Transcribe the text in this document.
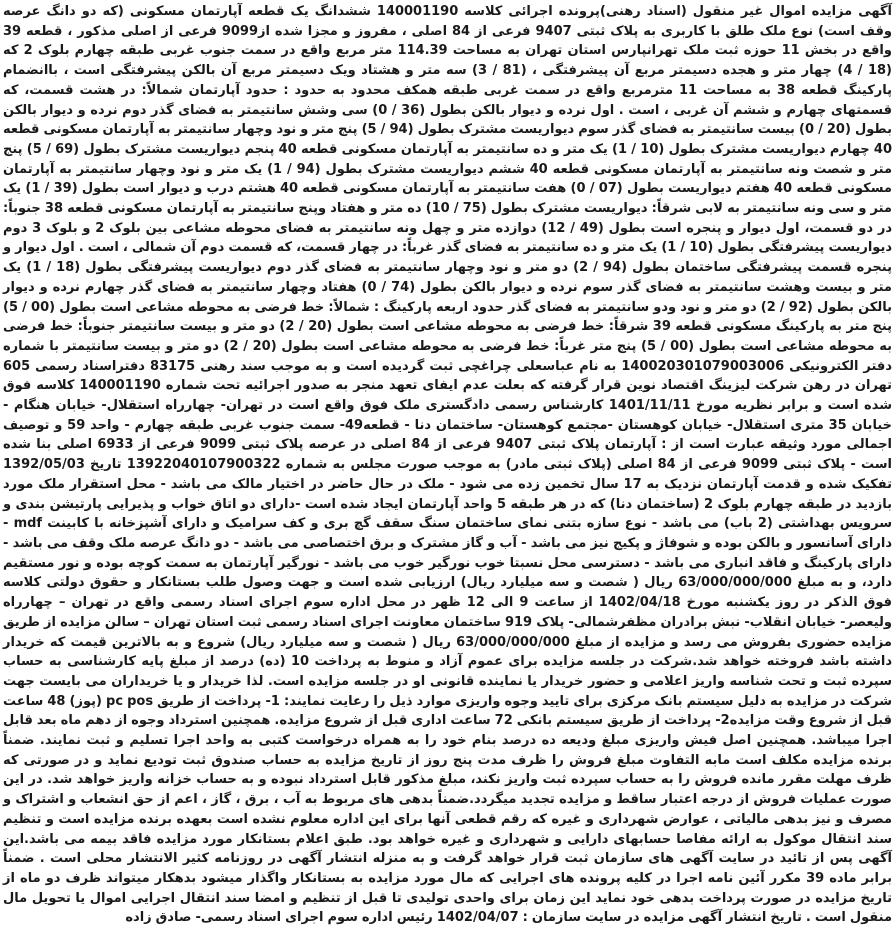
آگهی مزایده اموال غیر منقول (اسناد رهنی)پرونده اجرائی کلاسه 140001190 ششدانگ یک قطعه آپارتمان مسکونی (که دو دانگ عرصه وقف است) نوع ملک طلق با کاربری به پلاک ثبتی 9407 فرعی از 84 اصلی ، مفروز و مجزا شده از9099 فرعی از اصلی مذکور ، قطعه 39 واقع در بخش 11 حوزه ثبت ملک تهرانپارس استان تهران به مساحت 114.39 متر مربع واقع در سمت جنوب غربی طبقه چهارم بلوک 2 که (18 / 4) چهار متر و هجده دسیمتر مربع آن پیشرفتگی ، (81 / 3) سه متر و هشتاد ویک دسیمتر مربع آن بالکن پیشرفتگی است ، باانضمام پارکینگ قطعه 38 به مساحت 11 مترمربع واقع در سمت غربی طبقه همکف محدود به حدود : حدود آپارتمان شمالاً: در هشت قسمت، که قسمتهای چهارم و ششم آن غربی ، است . اول نرده و دیوار بالکن بطول (36 / 0) سی وشش سانتیمتر به فضای گذر دوم نرده و دیوار بالکن بطول (20 / 0) بیست سانتیمتر به فضای گذر سوم دیواریست مشترک بطول (94 / 5) پنج متر و نود وچهار سانتیمتر به آپارتمان مسکونی قطعه 40 چهارم دیواریست مشترک بطول (10 / 1) یک متر و ده سانتیمتر به آپارتمان مسکونی قطعه 40 پنجم دیواریست مشترک بطول (69 / 5) پنج متر و شصت ونه سانتیمتر به آپارتمان مسکونی قطعه 40 ششم دیواریست مشترک بطول (94 / 1) یک متر و نود وچهار سانتیمتر به آپارتمان مسکونی قطعه 40 هفتم دیواریست بطول (07 / 0) هفت سانتیمتر به آپارتمان مسکونی قطعه 40 هشتم درب و دیوار است بطول (39 / 1) یک متر و سی ونه سانتیمتر به لابی شرقاً: دیواریست مشترک بطول (75 / 10) ده متر و هفتاد وپنج سانتیمتر به آپارتمان مسکونی قطعه 38 جنوباً: در دو قسمت، اول دیوار و پنجره است بطول (49 / 12) دوازده متر و چهل ونه سانتیمتر به فضای محوطه مشاعی بین بلوک 2 و بلوک 3 دوم دیواریست پیشرفتگی بطول (10 / 1) یک متر و ده سانتیمتر به فضای گذر غرباً: در چهار قسمت، که قسمت دوم آن شمالی ، است . اول دیوار و پنجره قسمت پیشرفتگی ساختمان بطول (94 / 2) دو متر و نود وچهار سانتیمتر به فضای گذر دوم دیواریست پیشرفتگی بطول (18 / 1) یک متر و بیست وهشت سانتیمتر به فضای گذر سوم نرده و دیوار بالکن بطول (74 / 0) هفتاد وچهار سانتیمتر به فضای گذر چهارم نرده و دیوار بالکن بطول (92 / 2) دو متر و نود ودو سانتیمتر به فضای گذر حدود اربعه پارکینگ : شمالاً: خط فرضی به محوطه مشاعی است بطول (00 / 5) پنج متر به پارکینگ مسکونی قطعه 39 شرقاً: خط فرضی به محوطه مشاعی است بطول (20 / 2) دو متر و بیست سانتیمتر جنوباً: خط فرضی به محوطه مشاعی است بطول (00 / 5) پنج متر غرباً: خط فرضی به محوطه مشاعی است بطول (20 / 2) دو متر و بیست سانتیمتر با شماره دفتر الکترونیکی 140020301079003006 به نام عباسعلی چراغچی ثبت گردیده است و به موجب سند رهنی 83175 دفتراسناد رسمی 605 تهران در رهن شرکت لیزینگ اقتصاد نوین قرار گرفته که بعلت عدم ایفای تعهد منجر به صدور اجرائیه تحت شماره 140001190 کلاسه فوق شده است و برابر نظریه مورخ 1401/11/11 کارشناس رسمی دادگستری ملک فوق واقع است در تهران- چهارراه استقلال- خیابان هنگام - خیابان 35 متری استقلال- خیابان کوهستان -مجتمع کوهستان- ساختمان دنا - قطعه49- سمت جنوب غربی طبقه چهارم - واحد 59 و توصیف اجمالی مورد وثیقه عبارت است از : آپارتمان پلاک ثبتی 9407 فرعی از 84 اصلی در عرصه پلاک ثبتی 9099 فرعی از 6933 اصلی بنا شده است - پلاک ثبتی 9099 فرعی از 84 اصلی (پلاک ثبتی مادر) به موجب صورت مجلس به شماره 13922040107900322 تاریخ 1392/05/03 تفکیک شده و قدمت آپارتمان نزدیک به 17 سال تخمین زده می شود - ملک در حال حاضر در اختیار مالک می باشد - محل استقرار ملک مورد بازدید در طبقه چهارم بلوک 2 (ساختمان دنا) که در هر طبقه 5 واحد آپارتمان ایجاد شده است -دارای دو اتاق خواب و پذیرایی پارتیشن بندی و سرویس بهداشتی (2 باب) می باشد - نوع سازه بتنی نمای ساختمان سنگ سقف گچ بری و کف سرامیک و دارای آشپزخانه با کابینت mdf - دارای آسانسور و بالکن بوده و شوفاژ و پکیج نیز می باشد - آب و گاز مشترک و برق اختصاصی می باشد - دو دانگ عرصه ملک وقف می باشد - دارای پارکینگ و فاقد انباری می باشد - دسترسی محل نسبتا خوب نورگیر خوب می باشد - نورگیر آپارتمان به سمت کوچه بوده و نور مستقیم دارد، و به مبلغ 63/000/000/000 ریال ( شصت و سه میلیارد ریال) ارزیابی شده است و جهت وصول طلب بستانکار و حقوق دولتی کلاسه فوق الذکر در روز یکشنبه مورخ 1402/04/18 از ساعت 9 الی 12 ظهر در محل اداره سوم اجرای اسناد رسمی واقع در تهران – چهارراه ولیعصر- خیابان انقلاب- نبش برادران مظفرشمالی- پلاک 919 ساختمان معاونت اجرای اسناد رسمی ثبت استان تهران – سالن مزایده از طریق مزایده حضوری بفروش می رسد و مزایده از مبلغ 63/000/000/000 ریال ( شصت و سه میلیارد ریال) شروع و به بالاترین قیمت که خریدار داشته باشد فروخته خواهد شد.شرکت در جلسه مزایده برای عموم آزاد و منوط به پرداخت 10 (ده) درصد از مبلغ پایه کارشناسی به حساب سپرده ثبت و تحت شناسه واریز اعلامی و حضور خریدار یا نماینده قانونی او در جلسه مزایده است. لذا خریدار و یا خریداران می بایست جهت شرکت در مزایده به دلیل سیستم بانک مرکزی برای تایید وجوه واریزی موارد ذیل را رعایت نمایند: 1- پرداخت از طریق pc pos (پوز) 48 ساعت قبل از شروع وقت مزایده2- پرداخت از طریق سیستم بانکی 72 ساعت اداری قبل از شروع مزایده. همچنین استرداد وجوه از دهم ماه بعد قابل اجرا میباشد. همچنین اصل فیش واریزی مبلغ ودیعه ده درصد بنام خود را به همراه درخواست کتبی به واحد اجرا تسلیم و ثبت نمایند. ضمناً برنده مزایده مکلف است مابه التفاوت مبلغ فروش را ظرف مدت پنج روز از تاریخ مزایده به حساب صندوق ثبت تودیع نماید و در صورتی که ظرف مهلت مقرر مانده فروش را به حساب سپرده ثبت واریز نکند، مبلغ مذکور قابل استرداد نبوده و به حساب خزانه واریز خواهد شد. در این صورت عملیات فروش از درجه اعتبار ساقط و مزایده تجدید میگردد.ضمناً بدهی های مربوط به آب ، برق ، گاز ، اعم از حق انشعاب و اشتراک و مصرف و نیز بدهی مالیاتی ، عوارض شهرداری و غیره که رقم قطعی آنها برای این اداره معلوم نشده است بعهده برنده مزایده است و تنظیم سند انتقال موکول به ارائه مفاصا حسابهای دارایی و شهرداری و غیره خواهد بود. طبق اعلام بستانکار مورد مزایده فاقد بیمه می باشد.این آگهی پس از تائید در سایت آگهی های سازمان ثبت قرار خواهد گرفت و به منزله انتشار آگهی در روزنامه کثیر الانتشار محلی است . ضمناً برابر ماده 39 مکرر آئین نامه اجرا در کلیه پرونده های اجرایی که مال مورد مزایده به بستانکار واگذار میشود بدهکار میتواند ظرف دو ماه از تاریخ مزایده در صورت پرداخت بدهی خود نماید این زمان برای واحدی تولیدی تا قبل از تنظیم و امضا سند انتقال اجرایی اموال یا تحویل مال منقول است . تاریخ انتشار آگهی مزایده در سایت سازمان : 1402/04/07 رئیس اداره سوم اجرای اسناد رسمی- صادق زاده
